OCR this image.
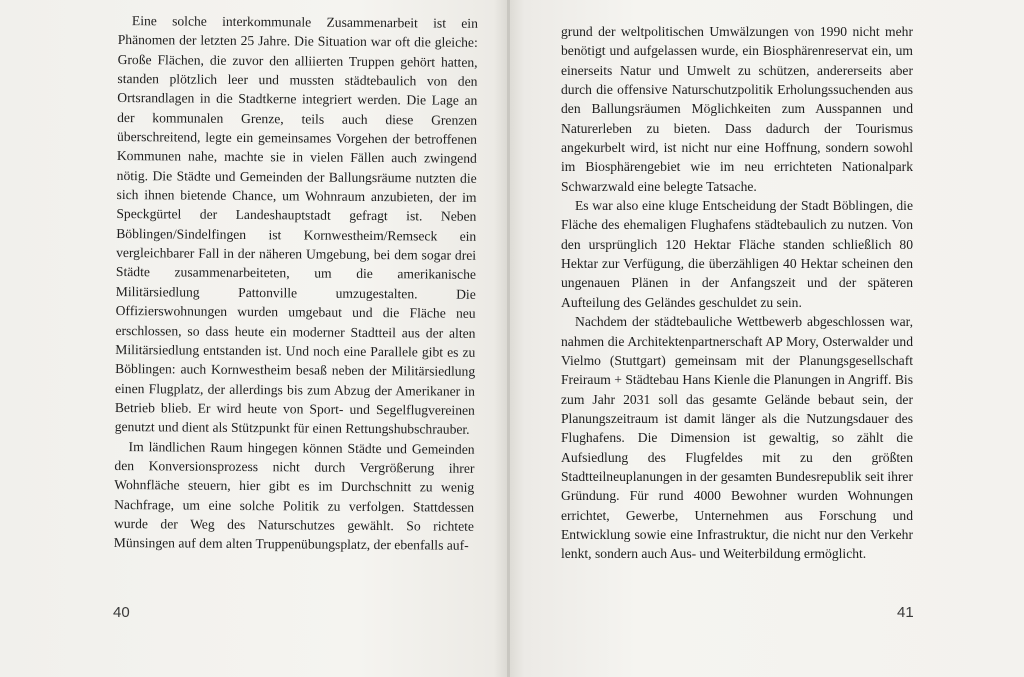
Eine solche interkommunale Zusammenarbeit ist ein Phänomen der letzten 25 Jahre. Die Situation war oft die gleiche: Große Flächen, die zuvor den alliierten Truppen gehört hatten, standen plötzlich leer und mussten städtebaulich von den Ortsrandlagen in die Stadtkerne integriert werden. Die Lage an der kommunalen Grenze, teils auch diese Grenzen überschreitend, legte ein gemeinsames Vorgehen der betroffenen Kommunen nahe, machte sie in vielen Fällen auch zwingend nötig. Die Städte und Gemeinden der Ballungsräume nutzten die sich ihnen bietende Chance, um Wohnraum anzubieten, der im Speckgürtel der Landeshauptstadt gefragt ist. Neben Böblingen/Sindelfingen ist Kornwestheim/Remseck ein vergleichbarer Fall in der näheren Umgebung, bei dem sogar drei Städte zusammenarbeiteten, um die amerikanische Militärsiedlung Pattonville umzugestalten. Die Offizierswohnungen wurden umgebaut und die Fläche neu erschlossen, so dass heute ein moderner Stadtteil aus der alten Militärsiedlung entstanden ist. Und noch eine Parallele gibt es zu Böblingen: auch Kornwestheim besaß neben der Militärsiedlung einen Flugplatz, der allerdings bis zum Abzug der Amerikaner in Betrieb blieb. Er wird heute von Sport- und Segelflugvereinen genutzt und dient als Stützpunkt für einen Rettungshubschrauber.

Im ländlichen Raum hingegen können Städte und Gemeinden den Konversionsprozess nicht durch Vergrößerung ihrer Wohnfläche steuern, hier gibt es im Durchschnitt zu wenig Nachfrage, um eine solche Politik zu verfolgen. Stattdessen wurde der Weg des Naturschutzes gewählt. So richtete Münsingen auf dem alten Truppenübungsplatz, der ebenfalls auf-

40

grund der weltpolitischen Umwälzungen von 1990 nicht mehr benötigt und aufgelassen wurde, ein Biosphärenreservat ein, um einerseits Natur und Umwelt zu schützen, andererseits aber durch die offensive Naturschutzpolitik Erholungssuchenden aus den Ballungsräumen Möglichkeiten zum Ausspannen und Naturerleben zu bieten. Dass dadurch der Tourismus angekurbelt wird, ist nicht nur eine Hoffnung, sondern sowohl im Biosphärengebiet wie im neu errichteten Nationalpark Schwarzwald eine belegte Tatsache.

Es war also eine kluge Entscheidung der Stadt Böblingen, die Fläche des ehemaligen Flughafens städtebaulich zu nutzen. Von den ursprünglich 120 Hektar Fläche standen schließlich 80 Hektar zur Verfügung, die überzähligen 40 Hektar scheinen den ungenauen Plänen in der Anfangszeit und der späteren Aufteilung des Geländes geschuldet zu sein.

Nachdem der städtebauliche Wettbewerb abgeschlossen war, nahmen die Architektenpartnerschaft AP Mory, Osterwalder und Vielmo (Stuttgart) gemeinsam mit der Planungsgesellschaft Freiraum + Städtebau Hans Kienle die Planungen in Angriff. Bis zum Jahr 2031 soll das gesamte Gelände bebaut sein, der Planungszeitraum ist damit länger als die Nutzungsdauer des Flughafens. Die Dimension ist gewaltig, so zählt die Aufsiedlung des Flugfeldes mit zu den größten Stadtteilneuplanungen in der gesamten Bundesrepublik seit ihrer Gründung. Für rund 4000 Bewohner wurden Wohnungen errichtet, Gewerbe, Unternehmen aus Forschung und Entwicklung sowie eine Infrastruktur, die nicht nur den Verkehr lenkt, sondern auch Aus- und Weiterbildung ermöglicht.

41
